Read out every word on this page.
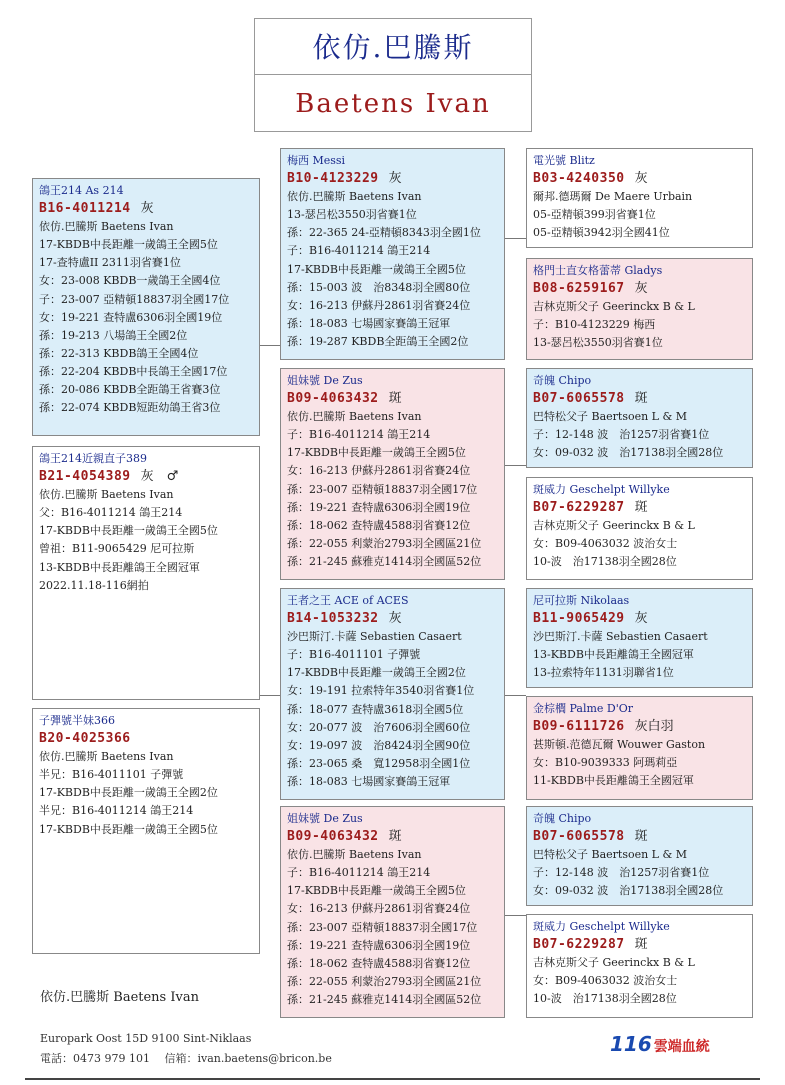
依仿.巴騰斯
Baetens Ivan
鴿王214 As 214
B16-4011214 灰
依仿.巴騰斯 Baetens Ivan
17-KBDB中長距離一歲鴿王全國5位
17-查特盧II 2311羽省賽1位
女：23-008 KBDB一歲鴿王全國4位
子：23-007 亞精頓18837羽全國17位
女：19-221 查特盧6306羽全國19位
孫：19-213 八場鴿王全國2位
孫：22-313 KBDB鴿王全國4位
孫：22-204 KBDB中長鴿王全國17位
孫：20-086 KBDB全距鴿王省賽3位
孫：22-074 KBDB短距幼鴿王省3位
鴿王214近親直子389
B21-4054389 灰　♂
依仿.巴騰斯 Baetens Ivan
父：B16-4011214 鴿王214
17-KBDB中長距離一歲鴿王全國5位
曾祖：B11-9065429 尼可拉斯
13-KBDB中長距離鴿王全國冠軍
2022.11.18-116網拍
子彈號半妹366
B20-4025366
依仿.巴騰斯 Baetens Ivan
半兄：B16-4011101 子彈號
17-KBDB中長距離一歲鴿王全國2位
半兄：B16-4011214 鴿王214
17-KBDB中長距離一歲鴿王全國5位
梅西 Messi
B10-4123229 灰
依仿.巴騰斯 Baetens Ivan
13-瑟呂松3550羽省賽1位
孫：22-365 24-亞精頓8343羽全國1位
子：B16-4011214 鴿王214
17-KBDB中長距離一歲鴿王全國5位
孫：15-003 波　治8348羽全國80位
女：16-213 伊蘇丹2861羽省賽24位
孫：18-083 七場國家賽鴿王冠軍
孫：19-287 KBDB全距鴿王全國2位
姐妹號 De Zus
B09-4063432 斑
依仿.巴騰斯 Baetens Ivan
子：B16-4011214 鴿王214
17-KBDB中長距離一歲鴿王全國5位
女：16-213 伊蘇丹2861羽省賽24位
孫：23-007 亞精頓18837羽全國17位
孫：19-221 查特盧6306羽全國19位
孫：18-062 查特盧4588羽省賽12位
孫：22-055 利蒙治2793羽全國區21位
孫：21-245 蘇雅克1414羽全國區52位
王者之王 ACE of ACES
B14-1053232 灰
沙巴斯汀.卡薩 Sebastien Casaert
子：B16-4011101 子彈號
17-KBDB中長距離一歲鴿王全國2位
女：19-191 拉索特年3540羽省賽1位
孫：18-077 查特盧3618羽全國5位
女：20-077 波　治7606羽全國60位
女：19-097 波　治8424羽全國90位
孫：23-065 桑　寬12958羽全國1位
孫：18-083 七場國家賽鴿王冠軍
姐妹號 De Zus
B09-4063432 斑
依仿.巴騰斯 Baetens Ivan
子：B16-4011214 鴿王214
17-KBDB中長距離一歲鴿王全國5位
女：16-213 伊蘇丹2861羽省賽24位
孫：23-007 亞精頓18837羽全國17位
孫：19-221 查特盧6306羽全國19位
孫：18-062 查特盧4588羽省賽12位
孫：22-055 利蒙治2793羽全國區21位
孫：21-245 蘇雅克1414羽全國區52位
電光號 Blitz
B03-4240350 灰
爾邦.德瑪爾 De Maere Urbain
05-亞精頓399羽省賽1位
05-亞精頓3942羽全國41位
格門士直女格蕾蒂 Gladys
B08-6259167 灰
吉林克斯父子 Geerinckx B & L
子：B10-4123229 梅西
13-瑟呂松3550羽省賽1位
奇魄 Chipo
B07-6065578 斑
巴特松父子 Baertsoen L & M
子：12-148 波　治1257羽省賽1位
女：09-032 波　治17138羽全國28位
斑威力 Geschelpt Willyke
B07-6229287 斑
吉林克斯父子 Geerinckx B & L
女：B09-4063032 波治女士
10-波　治17138羽全國28位
尼可拉斯 Nikolaas
B11-9065429 灰
沙巴斯汀.卡薩 Sebastien Casaert
13-KBDB中長距離鴿王全國冠軍
13-拉索特年1131羽聯省1位
金棕櫚 Palme D'Or
B09-6111726 灰白羽
甚斯頓.范德瓦爾 Wouwer Gaston
女：B10-9039333 阿瑪莉亞
11-KBDB中長距離鴿王全國冠軍
奇魄 Chipo
B07-6065578 斑
巴特松父子 Baertsoen L & M
子：12-148 波　治1257羽省賽1位
女：09-032 波　治17138羽全國28位
斑威力 Geschelpt Willyke
B07-6229287 斑
吉林克斯父子 Geerinckx B & L
女：B09-4063032 波治女士
10-波　治17138羽全國28位
依仿.巴騰斯 Baetens Ivan
Europark Oost 15D 9100 Sint-Niklaas
電話：0473 979 101　 信箱：ivan.baetens@bricon.be
116 雲端血統
